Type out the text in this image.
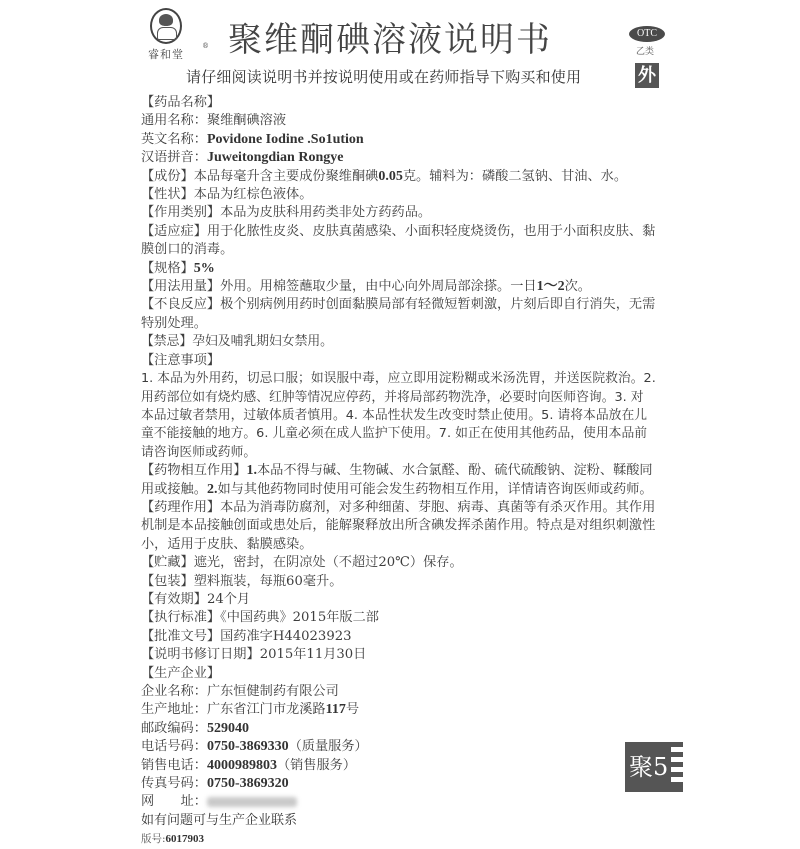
睿和堂
® 聚维酮碘溶液说明书	OTC
乙类
请仔细阅读说明书并按说明使用或在药师指导下购买和使用	外

【药品名称】

通用名称：聚维酮碘溶液

英文名称：Povidone Iodine .So1ution

汉语拼音：Juweitongdian Rongye

【成份】本品每毫升含主要成份聚维酮碘0.05克。辅料为：磷酸二氢钠、甘油、水。

【性状】本品为红棕色液体。

【作用类别】本品为皮肤科用药类非处方药药品。

【适应症】用于化脓性皮炎、皮肤真菌感染、小面积轻度烧烫伤，也用于小面积皮肤、黏膜创口的消毒。

【规格】5%

【用法用量】外用。用棉签蘸取少量，由中心向外周局部涂搽。一日1～2次。

【不良反应】极个别病例用药时创面黏膜局部有轻微短暂刺激，片刻后即自行消失，无需特别处理。

【禁忌】孕妇及哺乳期妇女禁用。

【注意事项】

1. 本品为外用药，切忌口服；如误服中毒，应立即用淀粉糊或米汤洗胃，并送医院救治。2. 用药部位如有烧灼感、红肿等情况应停药，并将局部药物洗净，必要时向医师咨询。3. 对本品过敏者禁用，过敏体质者慎用。4. 本品性状发生改变时禁止使用。5. 请将本品放在儿童不能接触的地方。6. 儿童必须在成人监护下使用。7. 如正在使用其他药品，使用本品前请咨询医师或药师。

【药物相互作用】1.本品不得与碱、生物碱、水合氯醛、酚、硫代硫酸钠、淀粉、鞣酸同用或接触。2.如与其他药物同时使用可能会发生药物相互作用，详情请咨询医师或药师。

【药理作用】本品为消毒防腐剂，对多种细菌、芽胞、病毒、真菌等有杀灭作用。其作用机制是本品接触创面或患处后，能解聚释放出所含碘发挥杀菌作用。特点是对组织刺激性小，适用于皮肤、黏膜感染。

【贮藏】遮光，密封，在阴凉处（不超过20℃）保存。

【包装】塑料瓶装，每瓶60毫升。

【有效期】24个月

【执行标准】《中国药典》2015年版二部

【批准文号】国药准字H44023923

【说明书修订日期】2015年11月30日

【生产企业】

企业名称：广东恒健制药有限公司

生产地址：广东省江门市龙溪路117号

邮政编码：529040

电话号码：0750-3869330（质量服务）

销售电话：4000989803（销售服务）

传真号码：0750-3869320

网　　址：

如有问题可与生产企业联系

版号:6017903

聚5
